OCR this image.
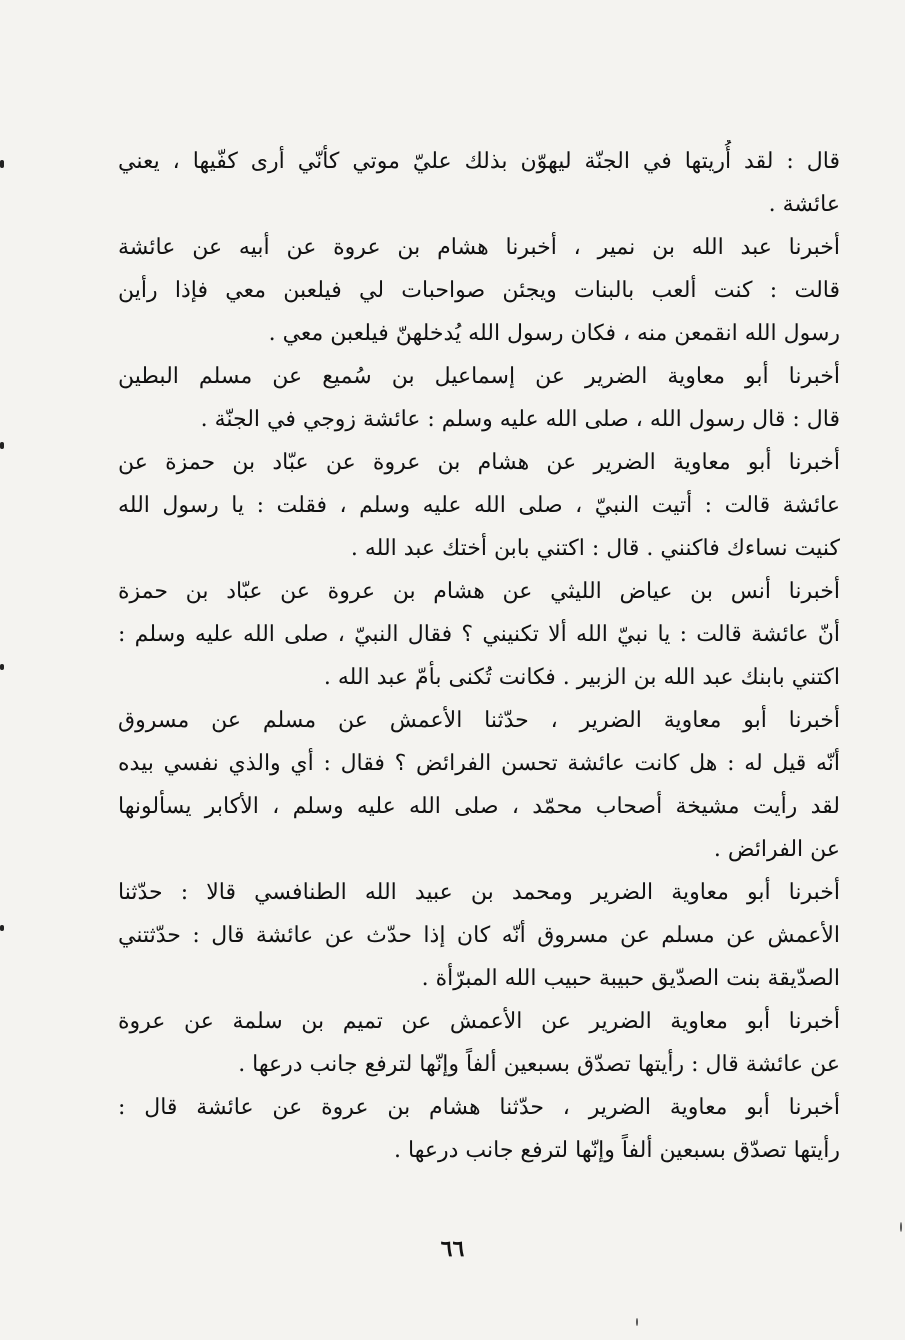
قال : لقد أُريتها في الجنّة ليهوّن بذلك عليّ موتي كأنّي أرى كفّيها ، يعني
عائشة .
أخبرنا عبد الله بن نمير ، أخبرنا هشام بن عروة عن أبيه عن عائشة
قالت : كنت ألعب بالبنات ويجئن صواحبات لي فيلعبن معي فإذا رأين
رسول الله انقمعن منه ، فكان رسول الله يُدخلهنّ فيلعبن معي .
أخبرنا أبو معاوية الضرير عن إسماعيل بن سُميع عن مسلم البطين
قال : قال رسول الله ، صلى الله عليه وسلم : عائشة زوجي في الجنّة .
أخبرنا أبو معاوية الضرير عن هشام بن عروة عن عبّاد بن حمزة عن
عائشة قالت : أتيت النبيّ ، صلى الله عليه وسلم ، فقلت : يا رسول الله
كنيت نساءك فاكنني . قال : اكتني بابن أختك عبد الله .
أخبرنا أنس بن عياض الليثي عن هشام بن عروة عن عبّاد بن حمزة
أنّ عائشة قالت : يا نبيّ الله ألا تكنيني ؟ فقال النبيّ ، صلى الله عليه وسلم :
اكتني بابنك عبد الله بن الزبير . فكانت تُكنى بأمّ عبد الله .
أخبرنا أبو معاوية الضرير ، حدّثنا الأعمش عن مسلم عن مسروق
أنّه قيل له : هل كانت عائشة تحسن الفرائض ؟ فقال : أي والذي نفسي بيده
لقد رأيت مشيخة أصحاب محمّد ، صلى الله عليه وسلم ، الأكابر يسألونها
عن الفرائض .
أخبرنا أبو معاوية الضرير ومحمد بن عبيد الله الطنافسي قالا : حدّثنا
الأعمش عن مسلم عن مسروق أنّه كان إذا حدّث عن عائشة قال : حدّثتني
الصدّيقة بنت الصدّيق حبيبة حبيب الله المبرّأة .
أخبرنا أبو معاوية الضرير عن الأعمش عن تميم بن سلمة عن عروة
عن عائشة قال : رأيتها تصدّق بسبعين ألفاً وإنّها لترفع جانب درعها .
أخبرنا أبو معاوية الضرير ، حدّثنا هشام بن عروة عن عائشة قال :
رأيتها تصدّق بسبعين ألفاً وإنّها لترفع جانب درعها .
٦٦
